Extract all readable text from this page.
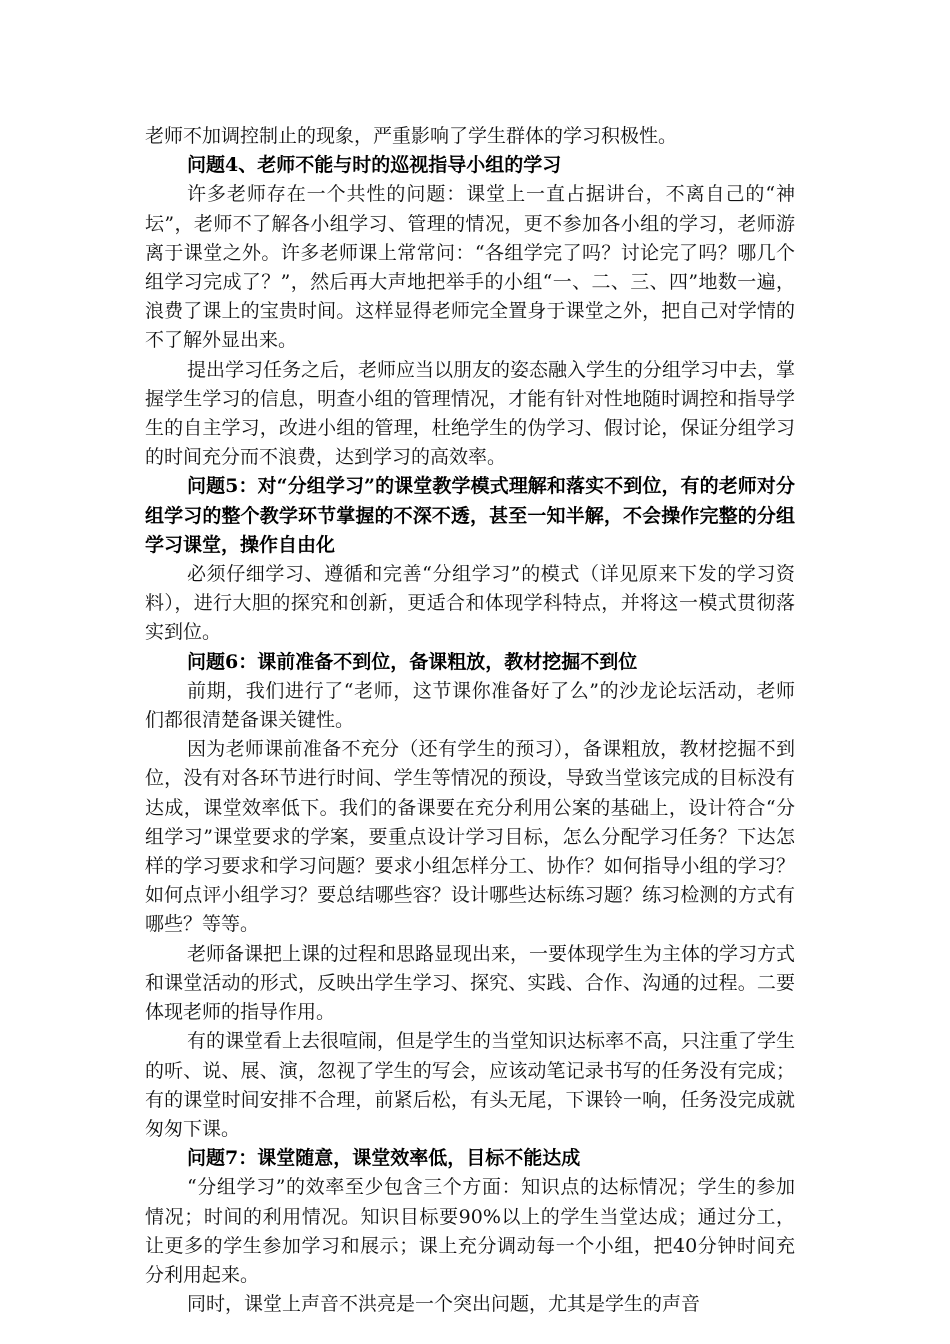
老师不加调控制止的现象，严重影响了学生群体的学习积极性。

问题4、老师不能与时的巡视指导小组的学习

许多老师存在一个共性的问题：课堂上一直占据讲台，不离自己的“神坛”，老师不了解各小组学习、管理的情况，更不参加各小组的学习，老师游离于课堂之外。许多老师课上常常问：“各组学完了吗？讨论完了吗？哪几个组学习完成了？”，然后再大声地把举手的小组“一、二、三、四”地数一遍，浪费了课上的宝贵时间。这样显得老师完全置身于课堂之外，把自己对学情的不了解外显出来。

提出学习任务之后，老师应当以朋友的姿态融入学生的分组学习中去，掌握学生学习的信息，明查小组的管理情况，才能有针对性地随时调控和指导学生的自主学习，改进小组的管理，杜绝学生的伪学习、假讨论，保证分组学习的时间充分而不浪费，达到学习的高效率。

问题5：对“分组学习”的课堂教学模式理解和落实不到位，有的老师对分组学习的整个教学环节掌握的不深不透，甚至一知半解，不会操作完整的分组学习课堂，操作自由化

必须仔细学习、遵循和完善“分组学习”的模式（详见原来下发的学习资料），进行大胆的探究和创新，更适合和体现学科特点，并将这一模式贯彻落实到位。

问题6：课前准备不到位，备课粗放，教材挖掘不到位

前期，我们进行了“老师，这节课你准备好了么”的沙龙论坛活动，老师们都很清楚备课关键性。

因为老师课前准备不充分（还有学生的预习），备课粗放，教材挖掘不到位，没有对各环节进行时间、学生等情况的预设，导致当堂该完成的目标没有达成，课堂效率低下。我们的备课要在充分利用公案的基础上，设计符合“分组学习”课堂要求的学案，要重点设计学习目标，怎么分配学习任务？下达怎样的学习要求和学习问题？要求小组怎样分工、协作？如何指导小组的学习？如何点评小组学习？要总结哪些容？设计哪些达标练习题？练习检测的方式有哪些？等等。

老师备课把上课的过程和思路显现出来，一要体现学生为主体的学习方式和课堂活动的形式，反映出学生学习、探究、实践、合作、沟通的过程。二要体现老师的指导作用。

有的课堂看上去很喧闹，但是学生的当堂知识达标率不高，只注重了学生的听、说、展、演，忽视了学生的写会，应该动笔记录书写的任务没有完成；有的课堂时间安排不合理，前紧后松，有头无尾，下课铃一响，任务没完成就匆匆下课。

问题7：课堂随意，课堂效率低，目标不能达成

“分组学习”的效率至少包含三个方面：知识点的达标情况；学生的参加情况；时间的利用情况。知识目标要90%以上的学生当堂达成；通过分工，让更多的学生参加学习和展示；课上充分调动每一个小组，把40分钟时间充分利用起来。

同时，课堂上声音不洪亮是一个突出问题，尤其是学生的声音
